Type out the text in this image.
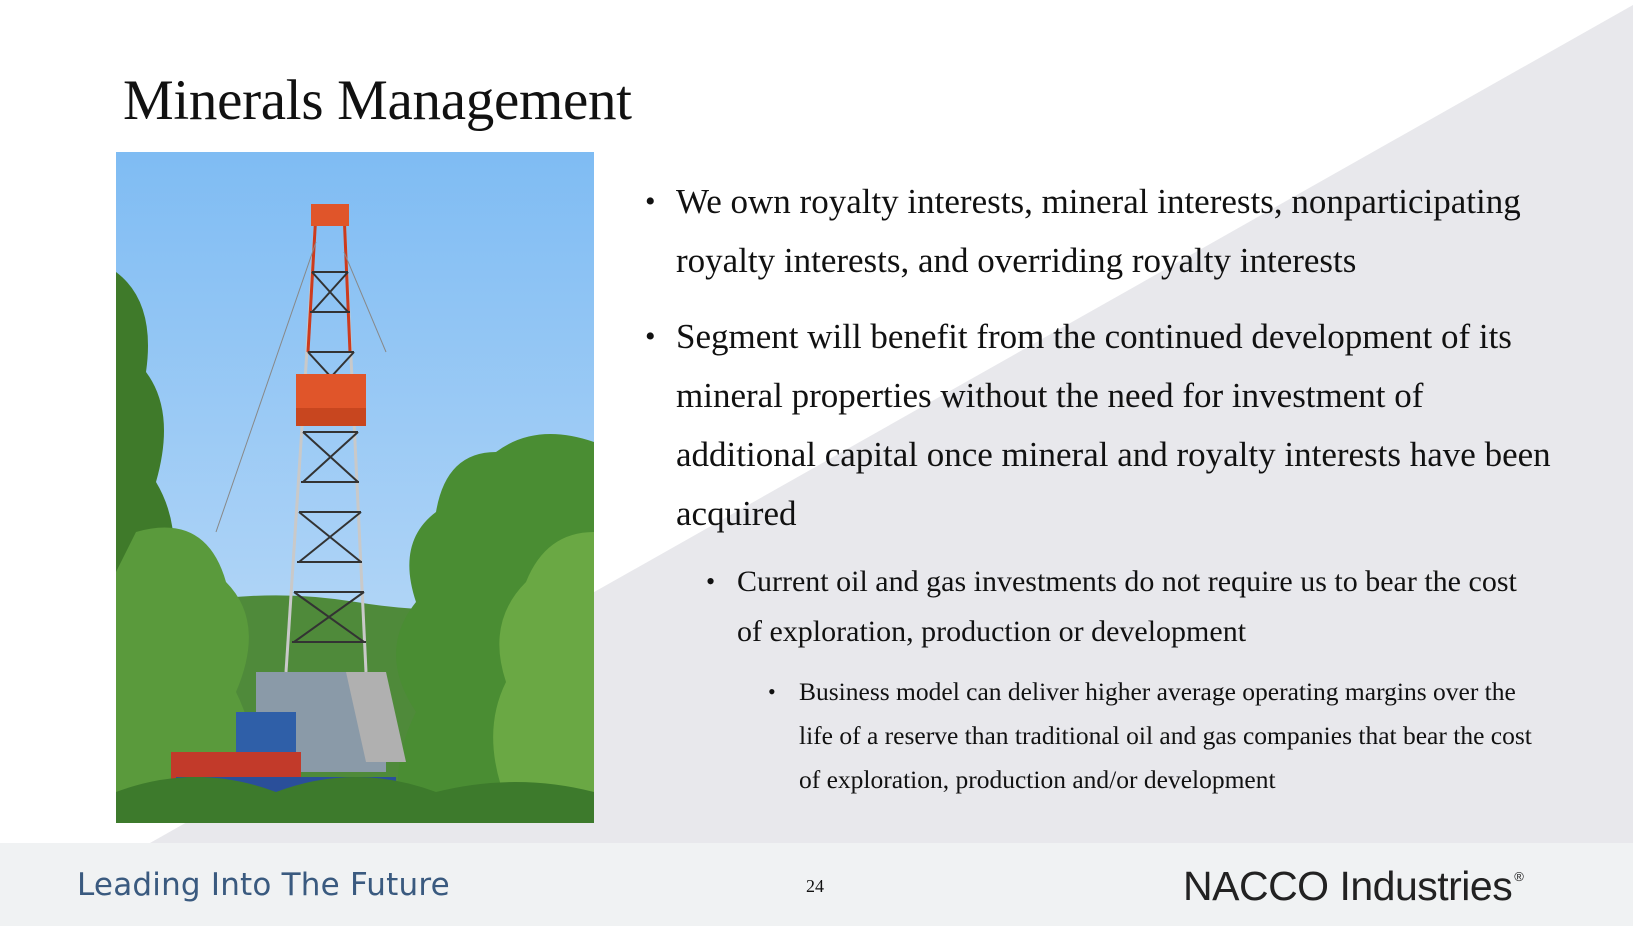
Minerals Management

• We own royalty interests, mineral interests, nonparticipating
royalty interests, and overriding royalty interests

• Segment will benefit from the continued development of its
mineral properties without the need for investment of
additional capital once mineral and royalty interests have been
acquired

• Current oil and gas investments do not require us to bear the cost
of exploration, production or development

• Business model can deliver higher average operating margins over the
life of a reserve than traditional oil and gas companies that bear the cost
of exploration, production and/or development

Leading Into The Future	24	NACCO Industries ®
